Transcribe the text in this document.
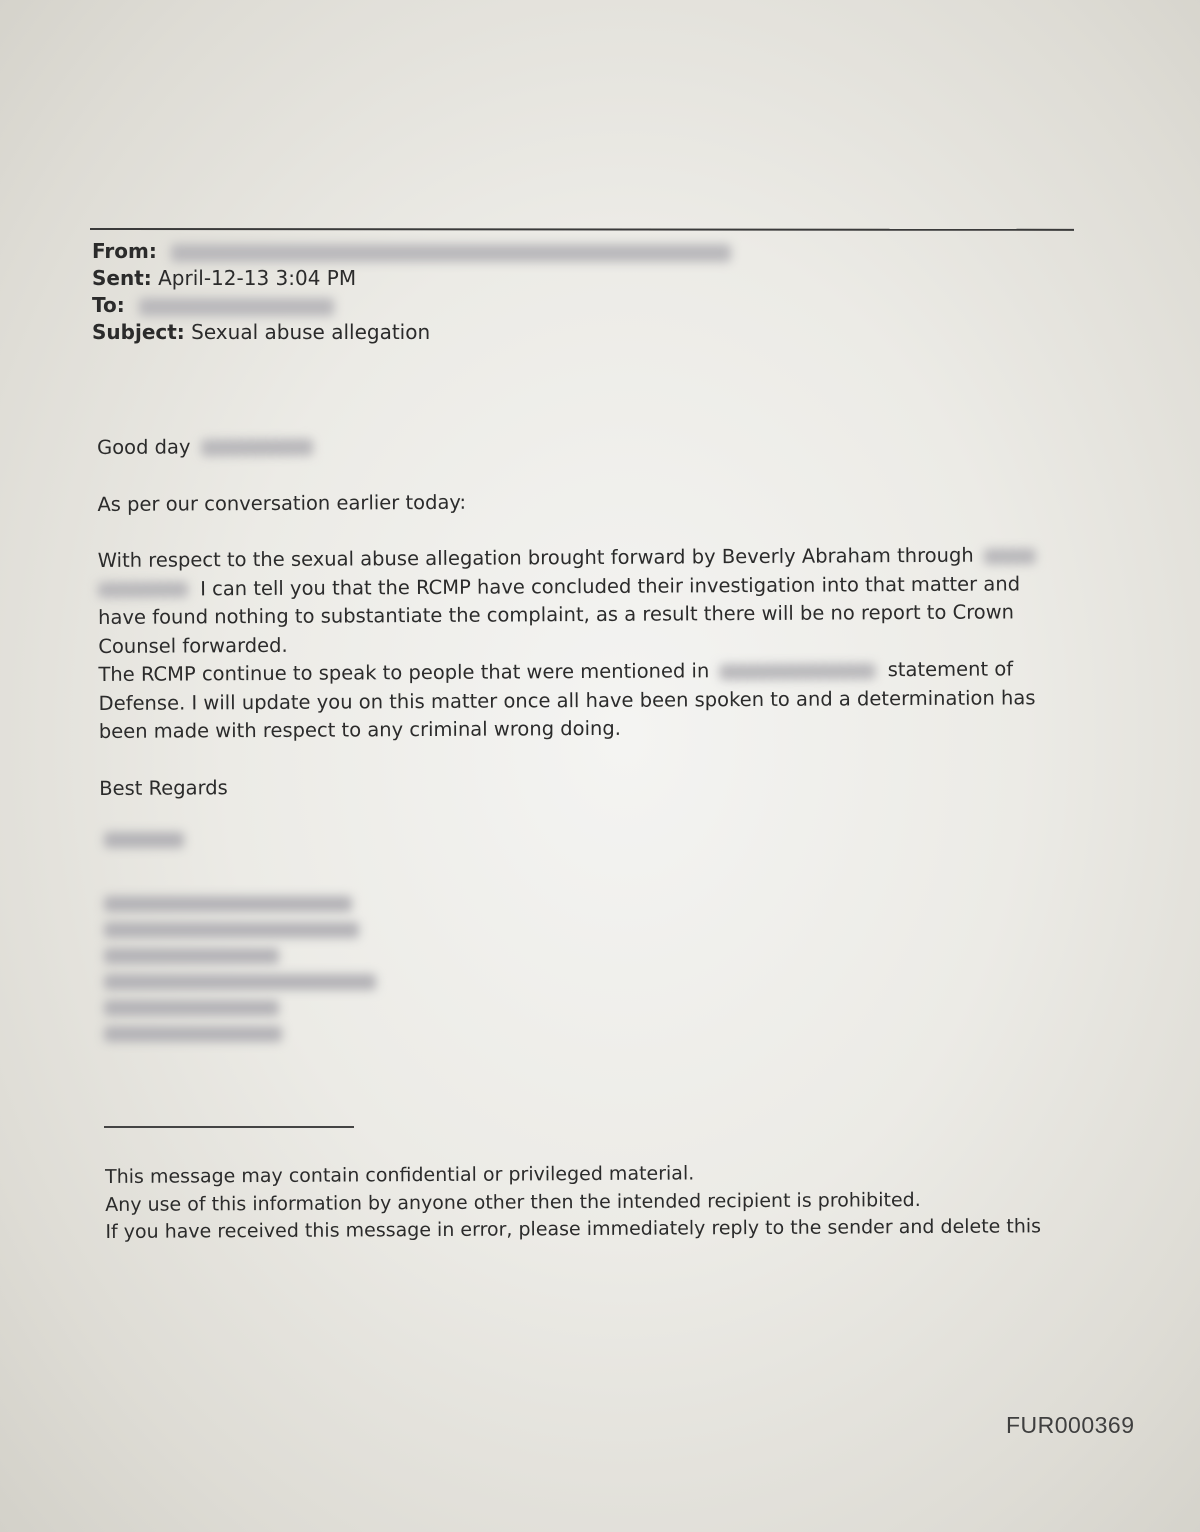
From:
Sent: April-12-13 3:04 PM
To:
Subject: Sexual abuse allegation

Good day

As per our conversation earlier today:

With respect to the sexual abuse allegation brought forward by Beverly Abraham through   I can tell you that the RCMP have concluded their investigation into that matter and have found nothing to substantiate the complaint, as a result there will be no report to Crown Counsel forwarded.

The RCMP continue to speak to people that were mentioned in	statement of Defense. I will update you on this matter once all have been spoken to and a determination has been made with respect to any criminal wrong doing.

Best Regards

This message may contain confidential or privileged material.

Any use of this information by anyone other then the intended recipient is prohibited.

If you have received this message in error, please immediately reply to the sender and delete this

FUR000369
